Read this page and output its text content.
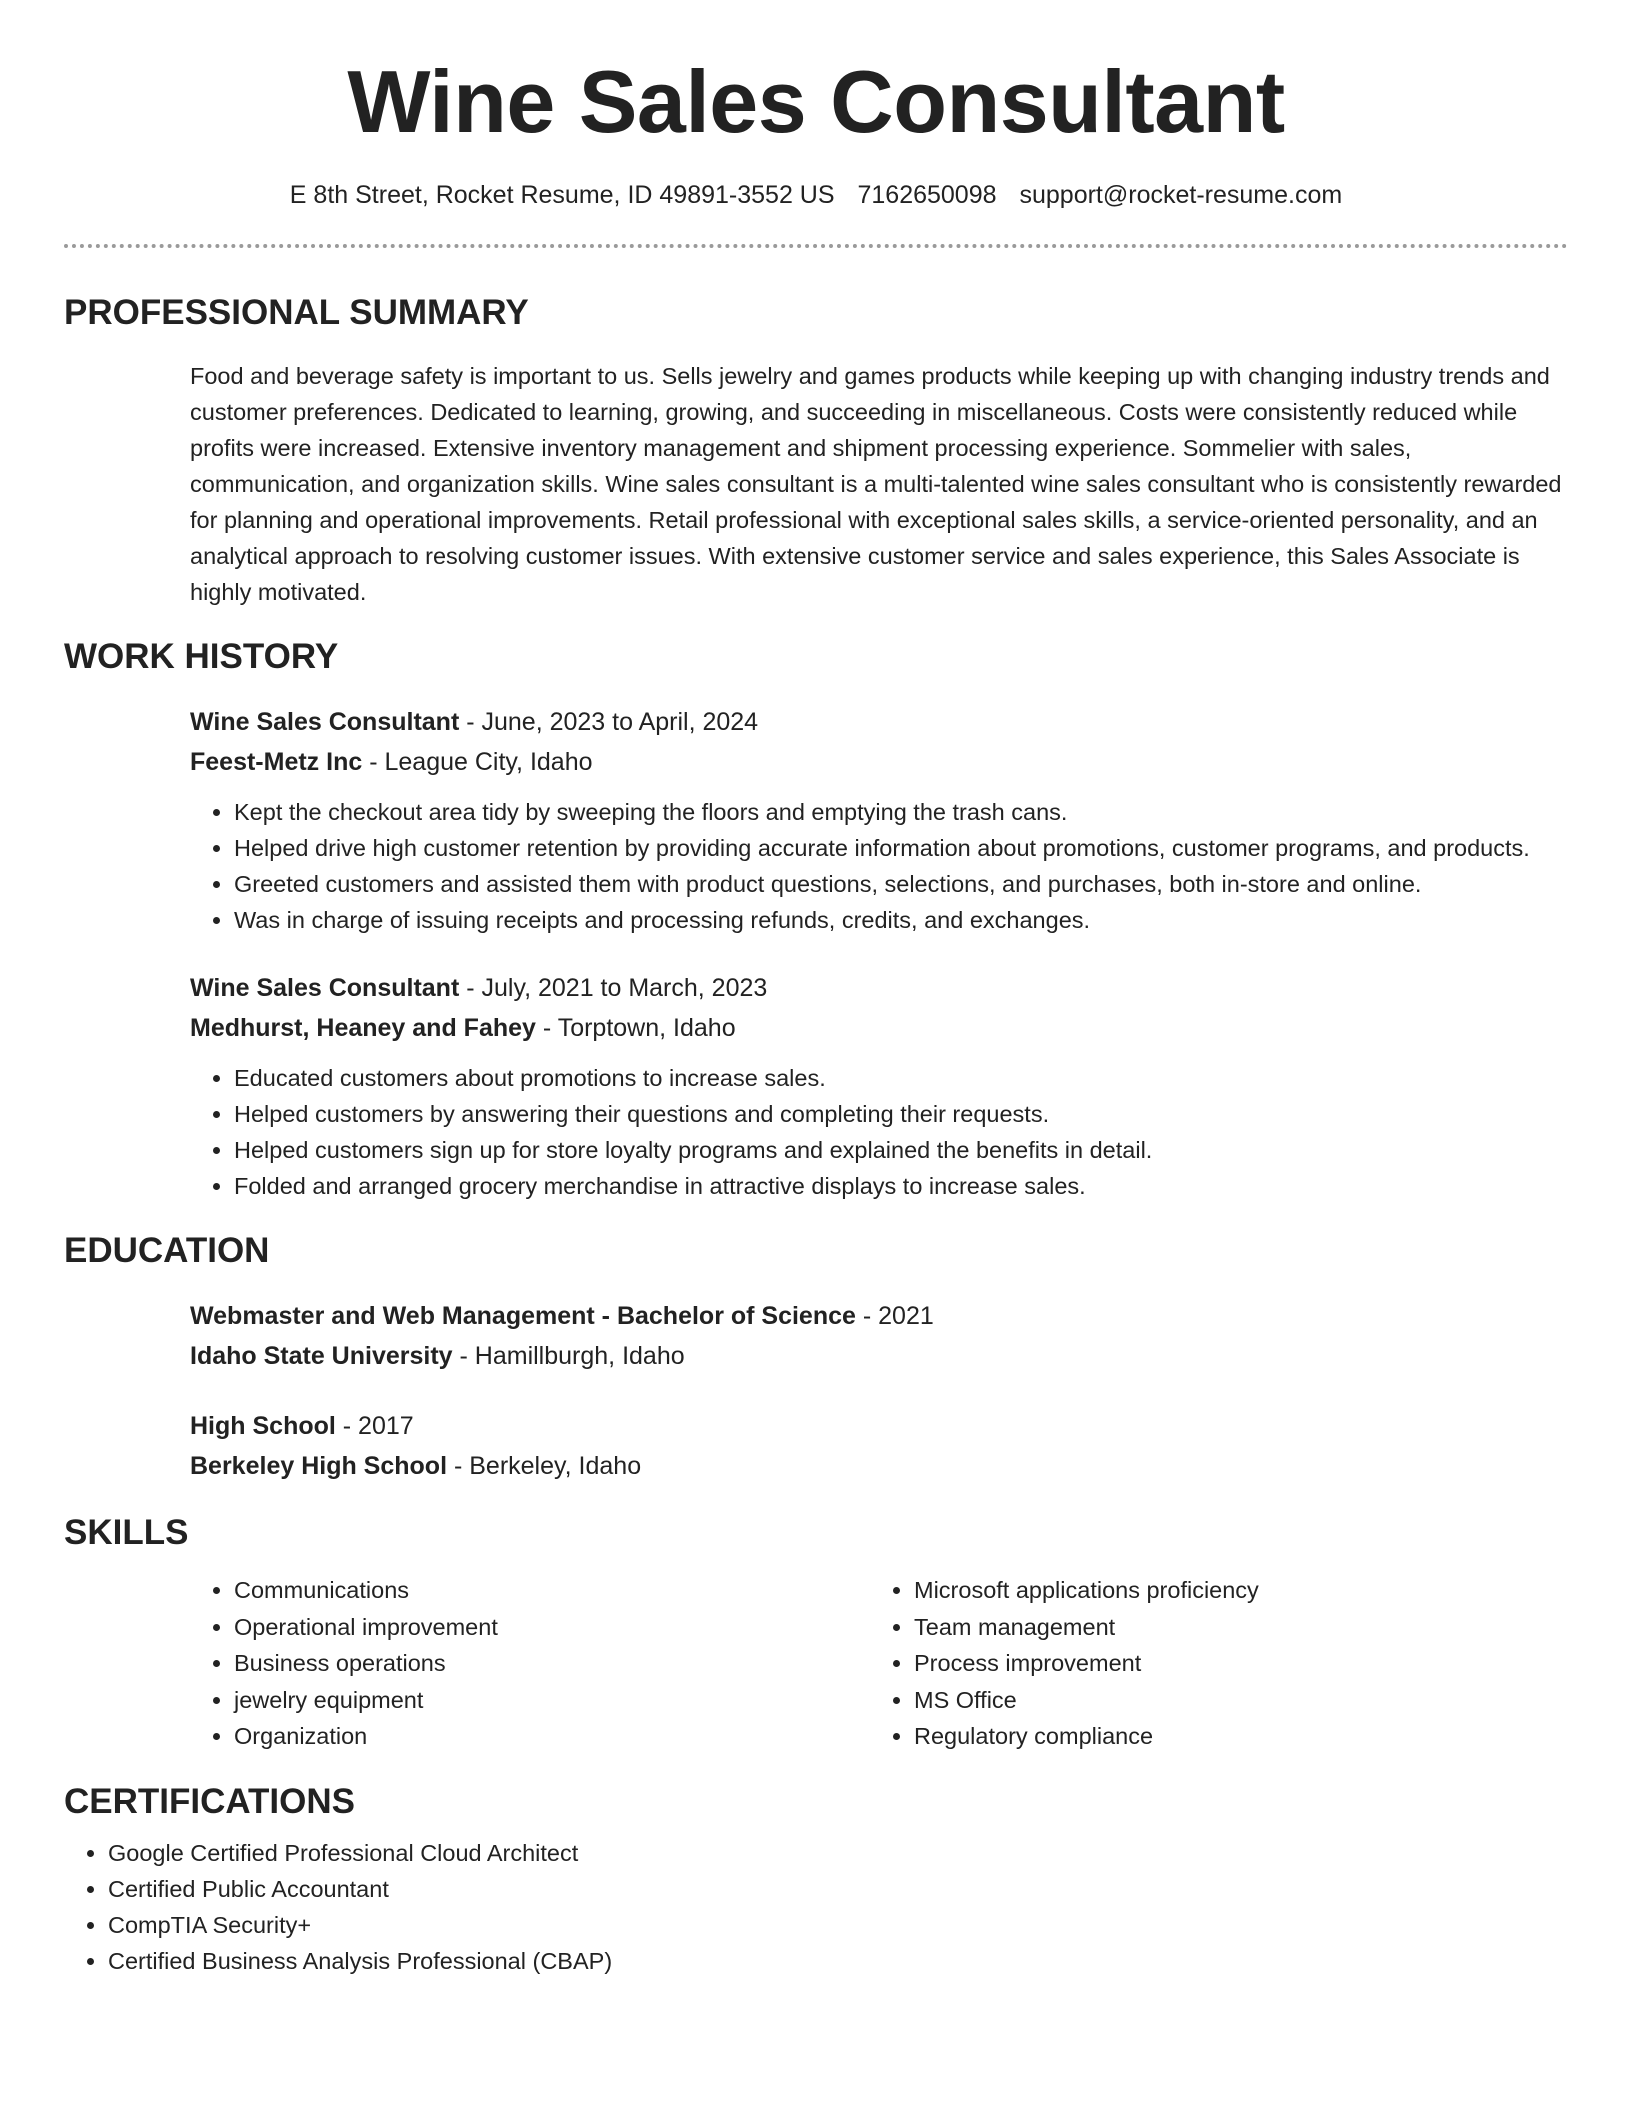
Wine Sales Consultant
E 8th Street, Rocket Resume, ID 49891-3552 US 7162650098 support@rocket-resume.com
PROFESSIONAL SUMMARY

Food and beverage safety is important to us. Sells jewelry and games products while keeping up with changing industry trends and customer preferences. Dedicated to learning, growing, and succeeding in miscellaneous. Costs were consistently reduced while profits were increased. Extensive inventory management and shipment processing experience. Sommelier with sales, communication, and organization skills. Wine sales consultant is a multi-talented wine sales consultant who is consistently rewarded for planning and operational improvements. Retail professional with exceptional sales skills, a service-oriented personality, and an analytical approach to resolving customer issues. With extensive customer service and sales experience, this Sales Associate is highly motivated.

WORK HISTORY
Wine Sales Consultant - June, 2023 to April, 2024
Feest-Metz Inc - League City, Idaho
• Kept the checkout area tidy by sweeping the floors and emptying the trash cans.
• Helped drive high customer retention by providing accurate information about promotions, customer programs, and products.
• Greeted customers and assisted them with product questions, selections, and purchases, both in-store and online.
• Was in charge of issuing receipts and processing refunds, credits, and exchanges.
Wine Sales Consultant - July, 2021 to March, 2023
Medhurst, Heaney and Fahey - Torptown, Idaho
• Educated customers about promotions to increase sales.
• Helped customers by answering their questions and completing their requests.
• Helped customers sign up for store loyalty programs and explained the benefits in detail.
• Folded and arranged grocery merchandise in attractive displays to increase sales.
EDUCATION
Webmaster and Web Management - Bachelor of Science - 2021
Idaho State University - Hamillburgh, Idaho
High School - 2017
Berkeley High School - Berkeley, Idaho
SKILLS
• Communications
• Operational improvement
• Business operations
• jewelry equipment
• Organization
• Microsoft applications proficiency
• Team management
• Process improvement
• MS Office
• Regulatory compliance
CERTIFICATIONS
• Google Certified Professional Cloud Architect
• Certified Public Accountant
• CompTIA Security+
• Certified Business Analysis Professional (CBAP)
